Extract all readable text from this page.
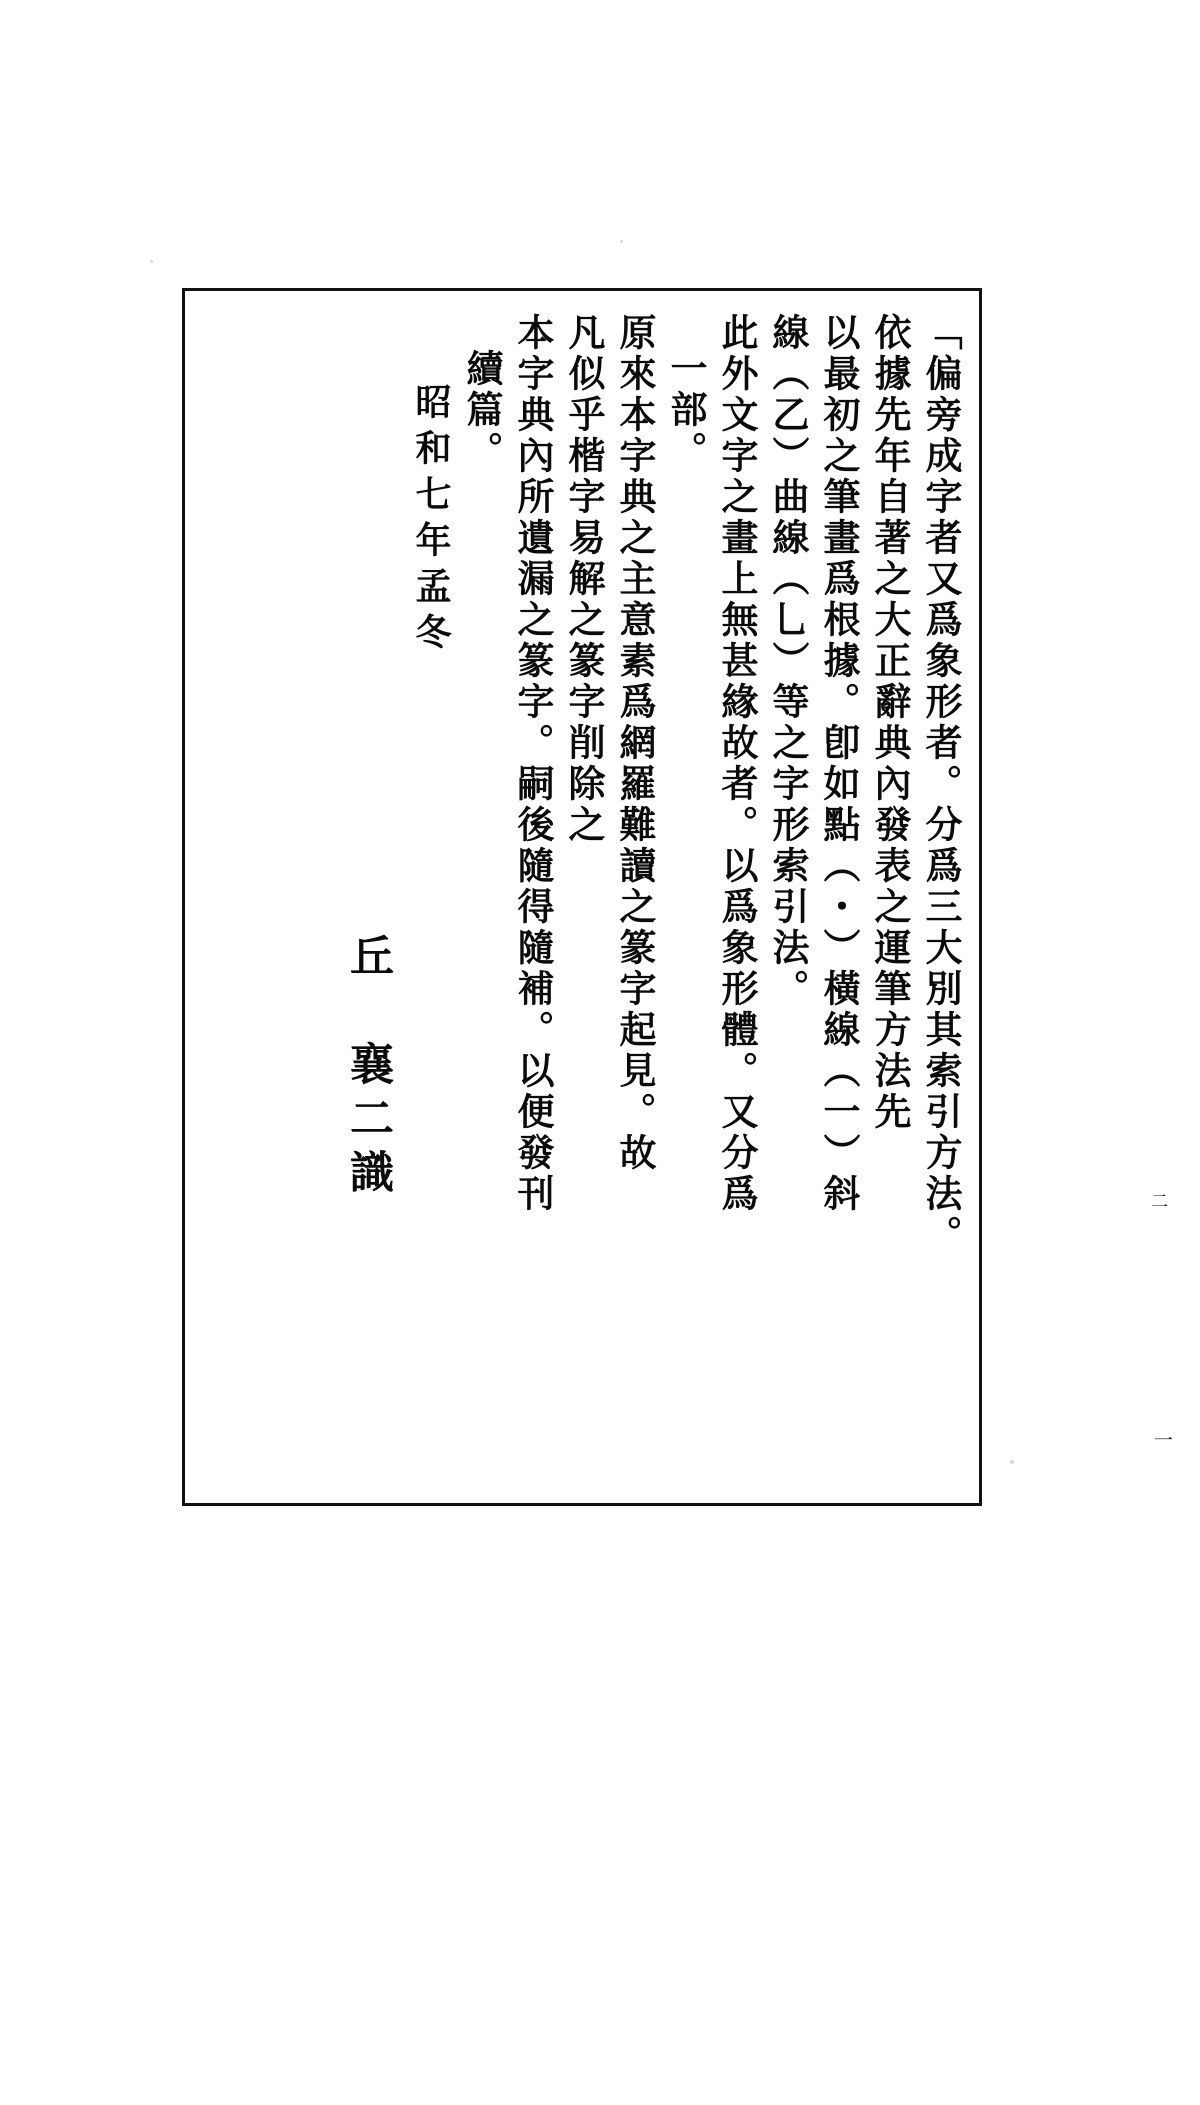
「偏旁成字者又爲象形者。分爲三大別其索引方法。
依據先年自著之大正辭典內發表之運筆方法先
以最初之筆畫爲根據。卽如點（・）橫線（一）斜
線（乙）曲線（乚）等之字形索引法。
此外文字之畫上無甚緣故者。以爲象形體。又分爲
一部。
原來本字典之主意素爲網羅難讀之篆字起見。故
凡似乎楷字易解之篆字削除之
本字典內所遺漏之篆字。嗣後隨得隨補。以便發刊
續篇。
昭和七年孟冬
丘　襄二識	二
一
